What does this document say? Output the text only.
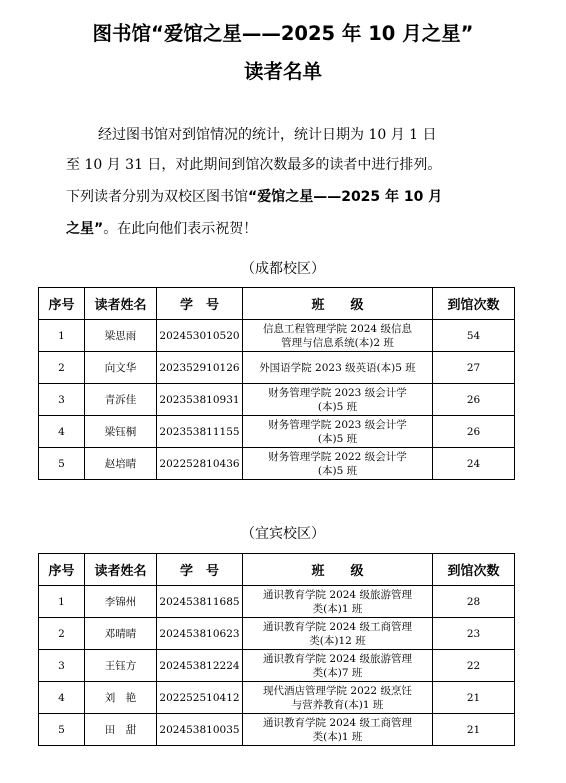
图书馆“爱馆之星——2025 年 10 月之星”
读者名单
经过图书馆对到馆情况的统计，统计日期为 10 月 1 日
至 10 月 31 日，对此期间到馆次数最多的读者中进行排列。
下列读者分别为双校区图书馆“爱馆之星——2025 年 10 月
之星”。在此向他们表示祝贺！
（成都校区）
序号	读者姓名	学　号	班　　级	到馆次数
1	梁思雨	202453010520	信息工程管理学院 2024 级信息
管理与信息系统(本)2 班	54
2	向文华	202352910126	外国语学院 2023 级英语(本)5 班	27
3	青泝佳	202353810931	财务管理学院 2023 级会计学
(本)5 班	26
4	梁钰桐	202353811155	财务管理学院 2023 级会计学
(本)5 班	26
5	赵培晴	202252810436	财务管理学院 2022 级会计学
(本)5 班	24
（宜宾校区）
序号	读者姓名	学　号	班　　级	到馆次数
1	李锦州	202453811685	通识教育学院 2024 级旅游管理
类(本)1 班	28
2	邓晴晴	202453810623	通识教育学院 2024 级工商管理
类(本)12 班	23
3	王钰方	202453812224	通识教育学院 2024 级旅游管理
类(本)7 班	22
4	刘　艳	202252510412	现代酒店管理学院 2022 级烹饪
与营养教育(本)1 班	21
5	田　甜	202453810035	通识教育学院 2024 级工商管理
类(本)1 班	21
